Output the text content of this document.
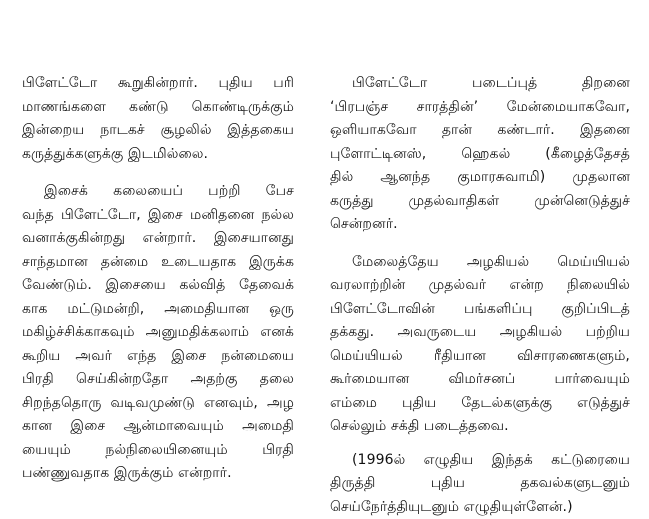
பிளேட்டோ கூறுகின்றார். புதிய பரி
மாணங்களை கண்டு கொண்டிருக்கும்
இன்றைய நாடகச் சூழலில் இத்தகைய
கருத்துக்களுக்கு இடமில்லை.

இசைக் கலையைப் பற்றி பேச
வந்த பிளேட்டோ, இசை மனிதனை நல்ல
வனாக்குகின்றது என்றார். இசையானது
சாந்தமான தன்மை உடையதாக இருக்க
வேண்டும். இசையை கல்வித் தேவைக்
காக மட்டுமன்றி, அமைதியான ஒரு
மகிழ்ச்சிக்காகவும் அனுமதிக்கலாம் எனக்
கூறிய அவர் எந்த இசை நன்மையை
பிரதி செய்கின்றதோ அதற்கு தலை
சிறந்ததொரு வடிவமுண்டு எனவும், அழ
கான இசை ஆன்மாவையும் அமைதி
யையும் நல்நிலையினையும் பிரதி
பண்ணுவதாக இருக்கும் என்றார்.

பிளேட்டோ படைப்புத் திறனை
‘பிரபஞ்ச சாரத்தின்’ மேன்மையாகவோ,
ஒளியாகவோ தான் கண்டார். இதனை
புளோட்டினஸ், ஹெகல் (கீழைத்தேசத்
தில் ஆனந்த குமாரசுவாமி) முதலான
கருத்து முதல்வாதிகள் முன்னெடுத்துச்
சென்றனர்.

மேலைத்தேய அழகியல் மெய்யியல்
வரலாற்றின் முதல்வர் என்ற நிலையில்
பிளேட்டோவின் பங்களிப்பு குறிப்பிடத்
தக்கது. அவருடைய அழகியல் பற்றிய
மெய்யியல் ரீதியான விசாரணைகளும்,
கூர்மையான விமர்சனப் பார்வையும்
எம்மை புதிய தேடல்களுக்கு எடுத்துச்
செல்லும் சக்தி படைத்தவை.

(1996ல் எழுதிய இந்தக் கட்டுரையை
திருத்தி புதிய தகவல்களுடனும்
செய்நேர்த்தியுடனும் எழுதியுள்ளேன்.)
